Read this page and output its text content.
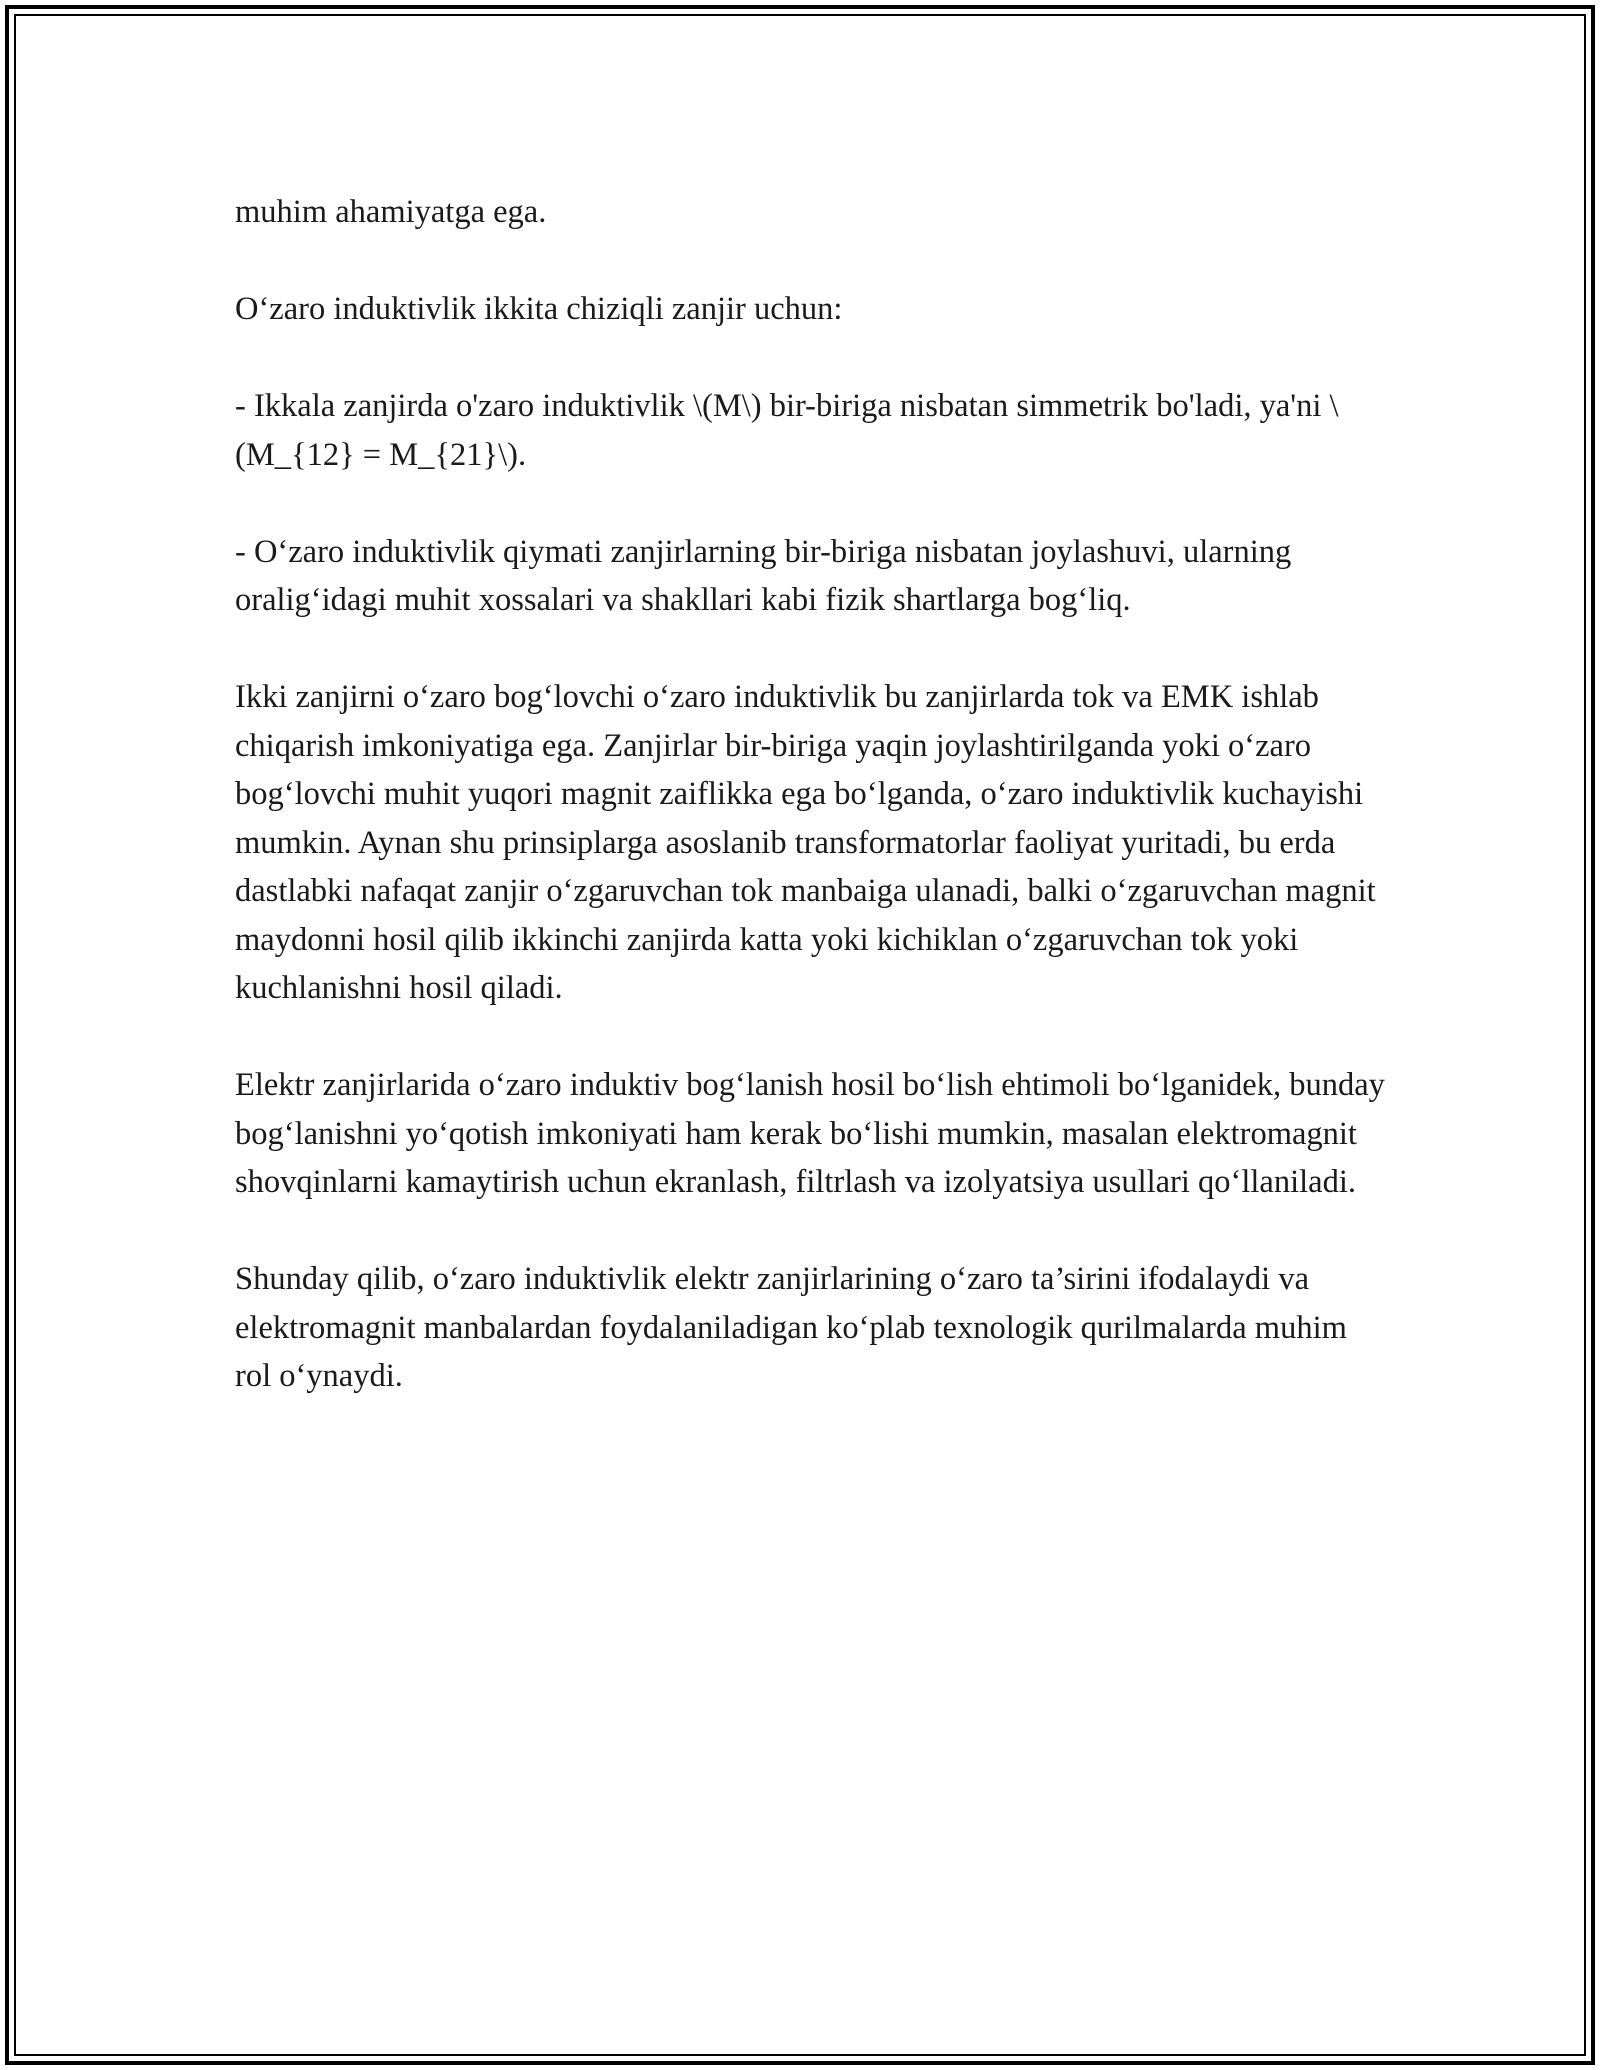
muhim ahamiyatga ega.

O‘zaro induktivlik ikkita chiziqli zanjir uchun:

- Ikkala zanjirda o'zaro induktivlik \(M\) bir-biriga nisbatan simmetrik bo'ladi, ya'ni \(M_{12} = M_{21}\).

- O‘zaro induktivlik qiymati zanjirlarning bir-biriga nisbatan joylashuvi, ularning oralig‘idagi muhit xossalari va shakllari kabi fizik shartlarga bog‘liq.

Ikki zanjirni o‘zaro bog‘lovchi o‘zaro induktivlik bu zanjirlarda tok va EMK ishlab chiqarish imkoniyatiga ega. Zanjirlar bir-biriga yaqin joylashtirilganda yoki o‘zaro bog‘lovchi muhit yuqori magnit zaiflikka ega bo‘lganda, o‘zaro induktivlik kuchayishi mumkin. Aynan shu prinsiplarga asoslanib transformatorlar faoliyat yuritadi, bu erda dastlabki nafaqat zanjir o‘zgaruvchan tok manbaiga ulanadi, balki o‘zgaruvchan magnit maydonni hosil qilib ikkinchi zanjirda katta yoki kichiklan o‘zgaruvchan tok yoki kuchlanishni hosil qiladi.

Elektr zanjirlarida o‘zaro induktiv bog‘lanish hosil bo‘lish ehtimoli bo‘lganidek, bunday bog‘lanishni yo‘qotish imkoniyati ham kerak bo‘lishi mumkin, masalan elektromagnit shovqinlarni kamaytirish uchun ekranlash, filtrlash va izolyatsiya usullari qo‘llaniladi.

Shunday qilib, o‘zaro induktivlik elektr zanjirlarining o‘zaro ta’sirini ifodalaydi va elektromagnit manbalardan foydalaniladigan ko‘plab texnologik qurilmalarda muhim rol o‘ynaydi.
